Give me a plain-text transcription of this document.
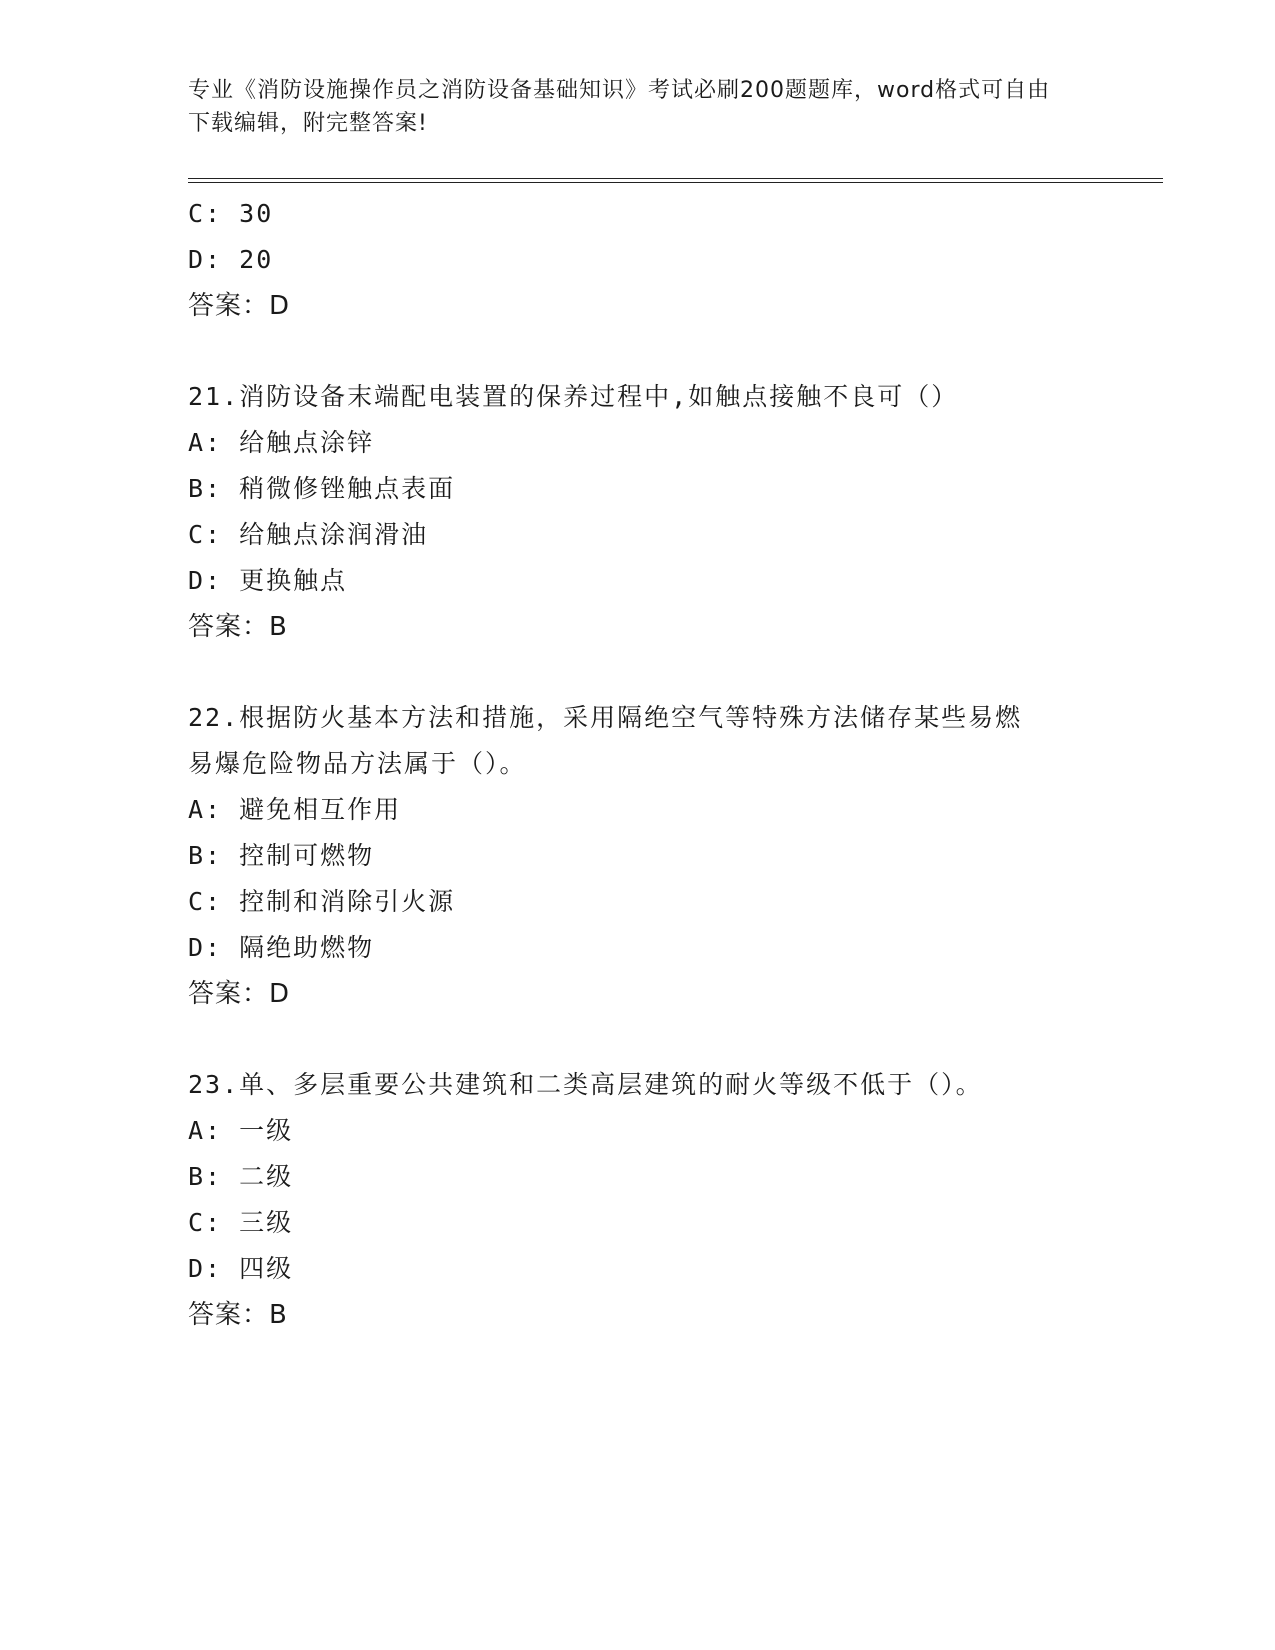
专业《消防设施操作员之消防设备基础知识》考试必刷200题题库，word格式可自由下载编辑，附完整答案!
C: 30
D: 20
答案：D
21.消防设备末端配电装置的保养过程中,如触点接触不良可（）
A: 给触点涂锌
B: 稍微修锉触点表面
C: 给触点涂润滑油
D: 更换触点
答案：B
22.根据防火基本方法和措施，采用隔绝空气等特殊方法储存某些易燃易爆危险物品方法属于（）。
A: 避免相互作用
B: 控制可燃物
C: 控制和消除引火源
D: 隔绝助燃物
答案：D
23.单、多层重要公共建筑和二类高层建筑的耐火等级不低于（）。
A: 一级
B: 二级
C: 三级
D: 四级
答案：B
